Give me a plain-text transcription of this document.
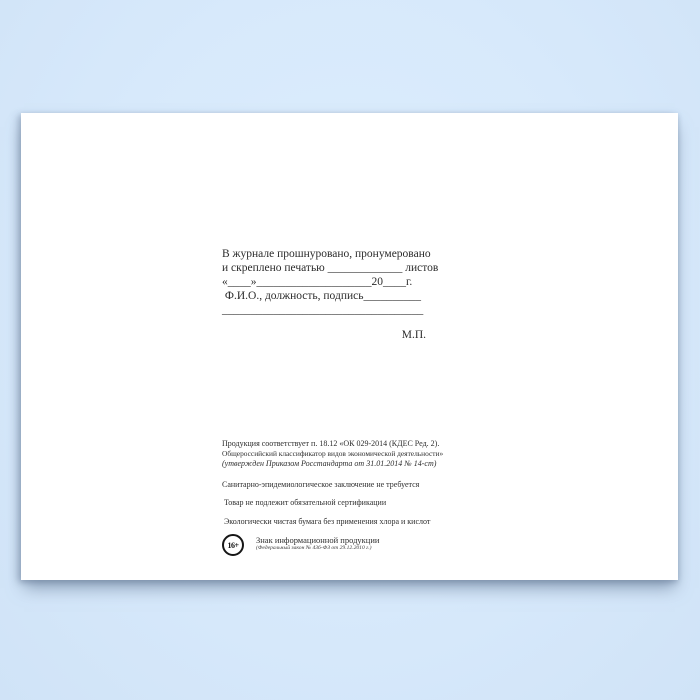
В журнале прошнуровано, пронумеровано
и скреплено печатью _____________ листов
«____»____________________20____г.
Ф.И.О., должность, подпись__________
___________________________________
М.П.
Продукция соответствует п. 18.12 «ОК 029-2014 (КДЕС Ред. 2).
Общероссийский классификатор видов экономической деятельности»
(утвержден Приказом Росстандарта от 31.01.2014 № 14-ст)
Санитарно-эпидемиологическое заключение не требуется
Товар не подлежит обязательной сертификации
Экологически чистая бумага без применения хлора и кислот
16+ Знак информационной продукции
(Федеральный закон № 436-ФЗ от 29.12.2010 г.)
